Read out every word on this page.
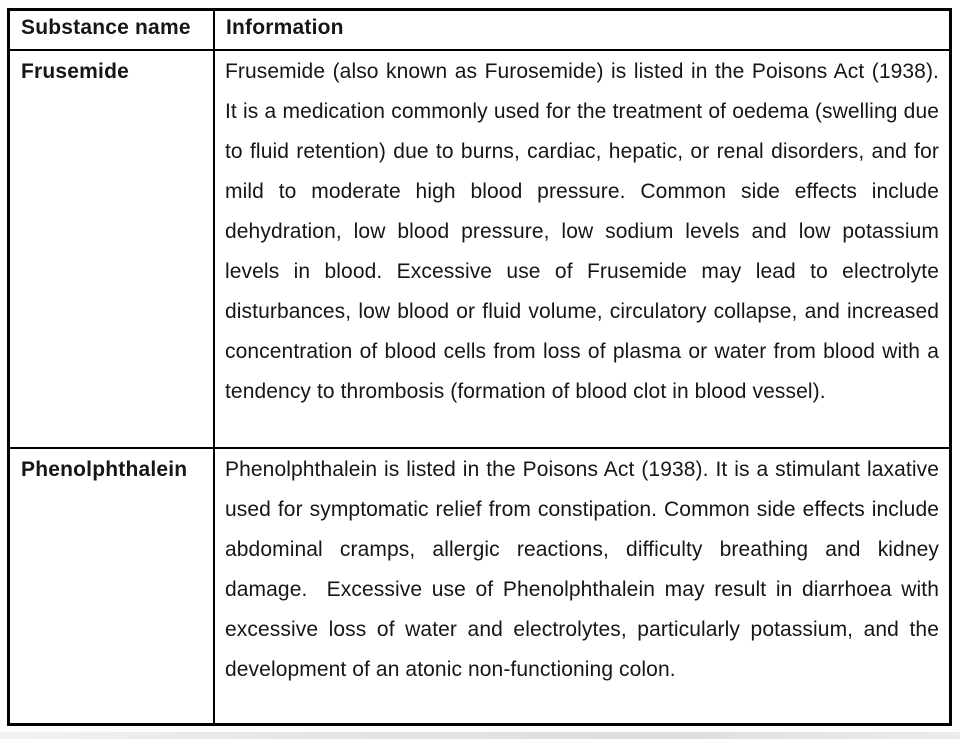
Substance name	Information
Frusemide	Frusemide (also known as Furosemide) is listed in the Poisons Act (1938). It is a medication commonly used for the treatment of oedema (swelling due to fluid retention) due to burns, cardiac, hepatic, or renal disorders, and for mild to moderate high blood pressure. Common side effects include dehydration, low blood pressure, low sodium levels and low potassium levels in blood. Excessive use of Frusemide may lead to electrolyte disturbances, low blood or fluid volume, circulatory collapse, and increased concentration of blood cells from loss of plasma or water from blood with a tendency to thrombosis (formation of blood clot in blood vessel).
Phenolphthalein	Phenolphthalein is listed in the Poisons Act (1938). It is a stimulant laxative used for symptomatic relief from constipation. Common side effects include abdominal cramps, allergic reactions, difficulty breathing and kidney damage.  Excessive use of Phenolphthalein may result in diarrhoea with excessive loss of water and electrolytes, particularly potassium, and the development of an atonic non-functioning colon.
